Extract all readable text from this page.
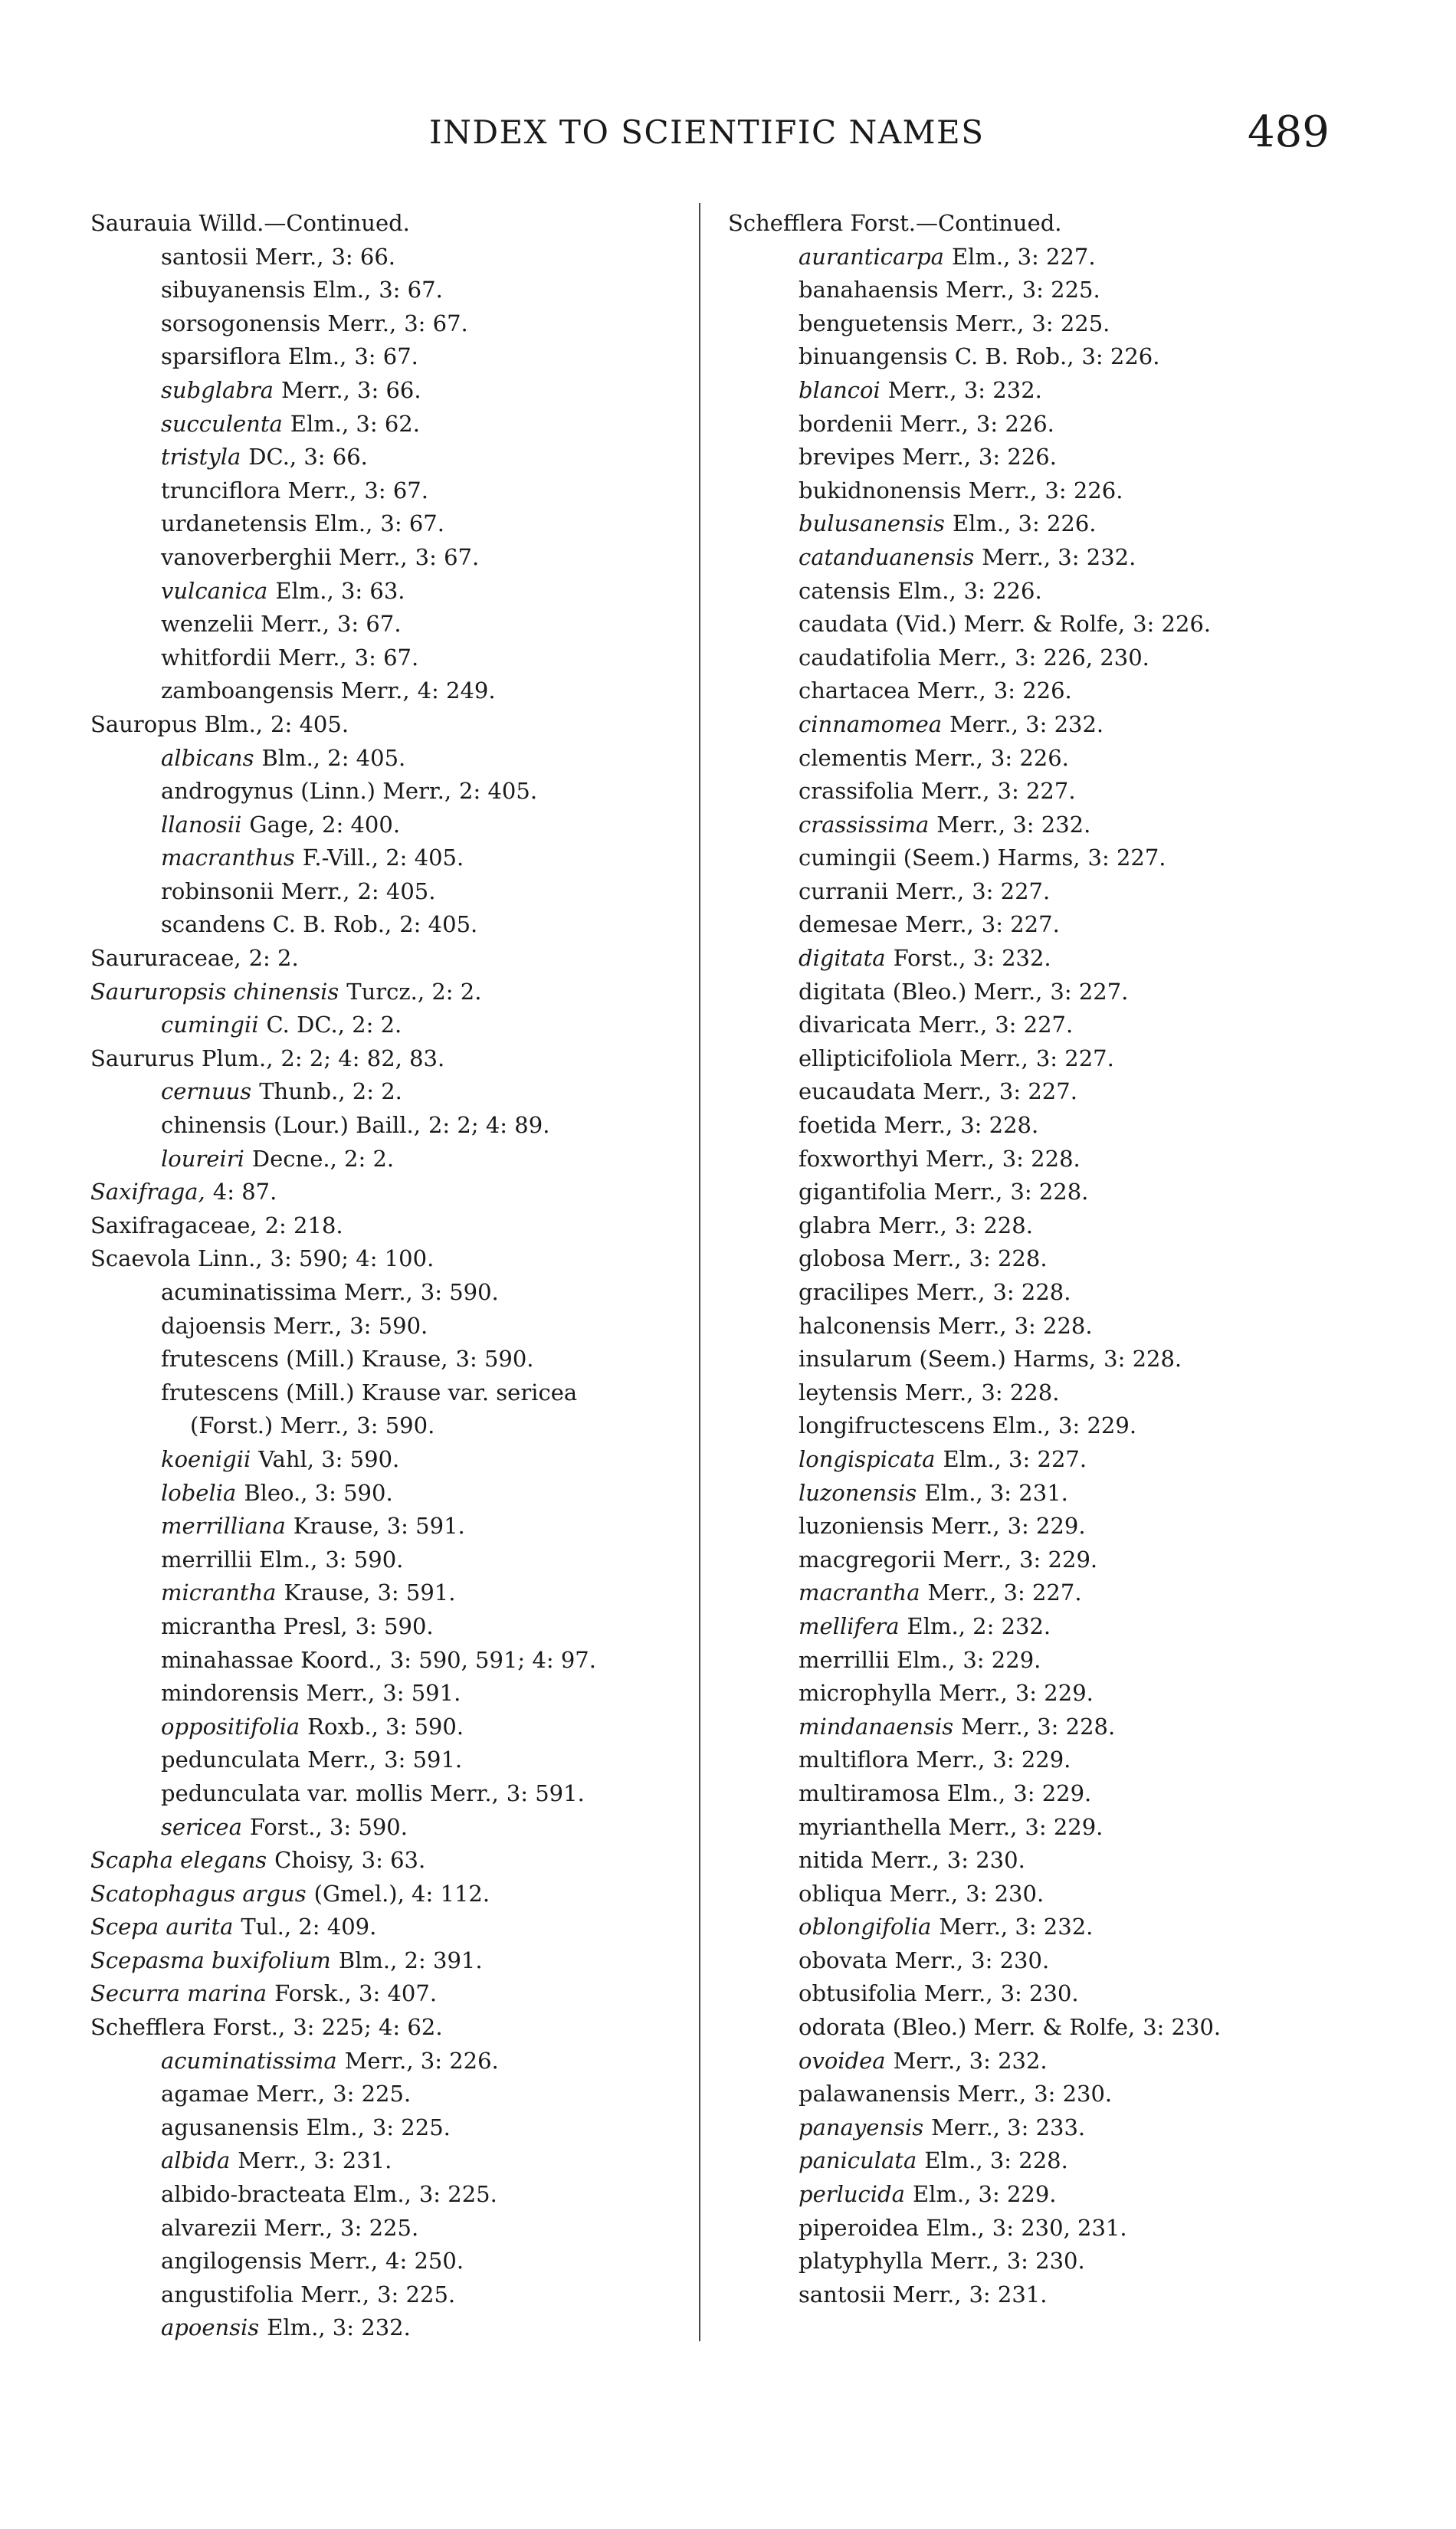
INDEX TO SCIENTIFIC NAMES	489
Saurauia Willd.—Continued.
santosii Merr., 3: 66.
sibuyanensis Elm., 3: 67.
sorsogonensis Merr., 3: 67.
sparsiflora Elm., 3: 67.
subglabra Merr., 3: 66.
succulenta Elm., 3: 62.
tristyla DC., 3: 66.
trunciflora Merr., 3: 67.
urdanetensis Elm., 3: 67.
vanoverberghii Merr., 3: 67.
vulcanica Elm., 3: 63.
wenzelii Merr., 3: 67.
whitfordii Merr., 3: 67.
zamboangensis Merr., 4: 249.
Sauropus Blm., 2: 405.
albicans Blm., 2: 405.
androgynus (Linn.) Merr., 2: 405.
llanosii Gage, 2: 400.
macranthus F.-Vill., 2: 405.
robinsonii Merr., 2: 405.
scandens C. B. Rob., 2: 405.
Saururaceae, 2: 2.
Saururopsis chinensis Turcz., 2: 2.
cumingii C. DC., 2: 2.
Saururus Plum., 2: 2; 4: 82, 83.
cernuus Thunb., 2: 2.
chinensis (Lour.) Baill., 2: 2; 4: 89.
loureiri Decne., 2: 2.
Saxifraga, 4: 87.
Saxifragaceae, 2: 218.
Scaevola Linn., 3: 590; 4: 100.
acuminatissima Merr., 3: 590.
dajoensis Merr., 3: 590.
frutescens (Mill.) Krause, 3: 590.
frutescens (Mill.) Krause var. sericea
(Forst.) Merr., 3: 590.
koenigii Vahl, 3: 590.
lobelia Bleo., 3: 590.
merrilliana Krause, 3: 591.
merrillii Elm., 3: 590.
micrantha Krause, 3: 591.
micrantha Presl, 3: 590.
minahassae Koord., 3: 590, 591; 4: 97.
mindorensis Merr., 3: 591.
oppositifolia Roxb., 3: 590.
pedunculata Merr., 3: 591.
pedunculata var. mollis Merr., 3: 591.
sericea Forst., 3: 590.
Scapha elegans Choisy, 3: 63.
Scatophagus argus (Gmel.), 4: 112.
Scepa aurita Tul., 2: 409.
Scepasma buxifolium Blm., 2: 391.
Securra marina Forsk., 3: 407.
Schefflera Forst., 3: 225; 4: 62.
acuminatissima Merr., 3: 226.
agamae Merr., 3: 225.
agusanensis Elm., 3: 225.
albida Merr., 3: 231.
albido-bracteata Elm., 3: 225.
alvarezii Merr., 3: 225.
angilogensis Merr., 4: 250.
angustifolia Merr., 3: 225.
apoensis Elm., 3: 232.
Schefflera Forst.—Continued.
auranticarpa Elm., 3: 227.
banahaensis Merr., 3: 225.
benguetensis Merr., 3: 225.
binuangensis C. B. Rob., 3: 226.
blancoi Merr., 3: 232.
bordenii Merr., 3: 226.
brevipes Merr., 3: 226.
bukidnonensis Merr., 3: 226.
bulusanensis Elm., 3: 226.
catanduanensis Merr., 3: 232.
catensis Elm., 3: 226.
caudata (Vid.) Merr. & Rolfe, 3: 226.
caudatifolia Merr., 3: 226, 230.
chartacea Merr., 3: 226.
cinnamomea Merr., 3: 232.
clementis Merr., 3: 226.
crassifolia Merr., 3: 227.
crassissima Merr., 3: 232.
cumingii (Seem.) Harms, 3: 227.
curranii Merr., 3: 227.
demesae Merr., 3: 227.
digitata Forst., 3: 232.
digitata (Bleo.) Merr., 3: 227.
divaricata Merr., 3: 227.
ellipticifoliola Merr., 3: 227.
eucaudata Merr., 3: 227.
foetida Merr., 3: 228.
foxworthyi Merr., 3: 228.
gigantifolia Merr., 3: 228.
glabra Merr., 3: 228.
globosa Merr., 3: 228.
gracilipes Merr., 3: 228.
halconensis Merr., 3: 228.
insularum (Seem.) Harms, 3: 228.
leytensis Merr., 3: 228.
longifructescens Elm., 3: 229.
longispicata Elm., 3: 227.
luzonensis Elm., 3: 231.
luzoniensis Merr., 3: 229.
macgregorii Merr., 3: 229.
macrantha Merr., 3: 227.
mellifera Elm., 2: 232.
merrillii Elm., 3: 229.
microphylla Merr., 3: 229.
mindanaensis Merr., 3: 228.
multiflora Merr., 3: 229.
multiramosa Elm., 3: 229.
myrianthella Merr., 3: 229.
nitida Merr., 3: 230.
obliqua Merr., 3: 230.
oblongifolia Merr., 3: 232.
obovata Merr., 3: 230.
obtusifolia Merr., 3: 230.
odorata (Bleo.) Merr. & Rolfe, 3: 230.
ovoidea Merr., 3: 232.
palawanensis Merr., 3: 230.
panayensis Merr., 3: 233.
paniculata Elm., 3: 228.
perlucida Elm., 3: 229.
piperoidea Elm., 3: 230, 231.
platyphylla Merr., 3: 230.
santosii Merr., 3: 231.
